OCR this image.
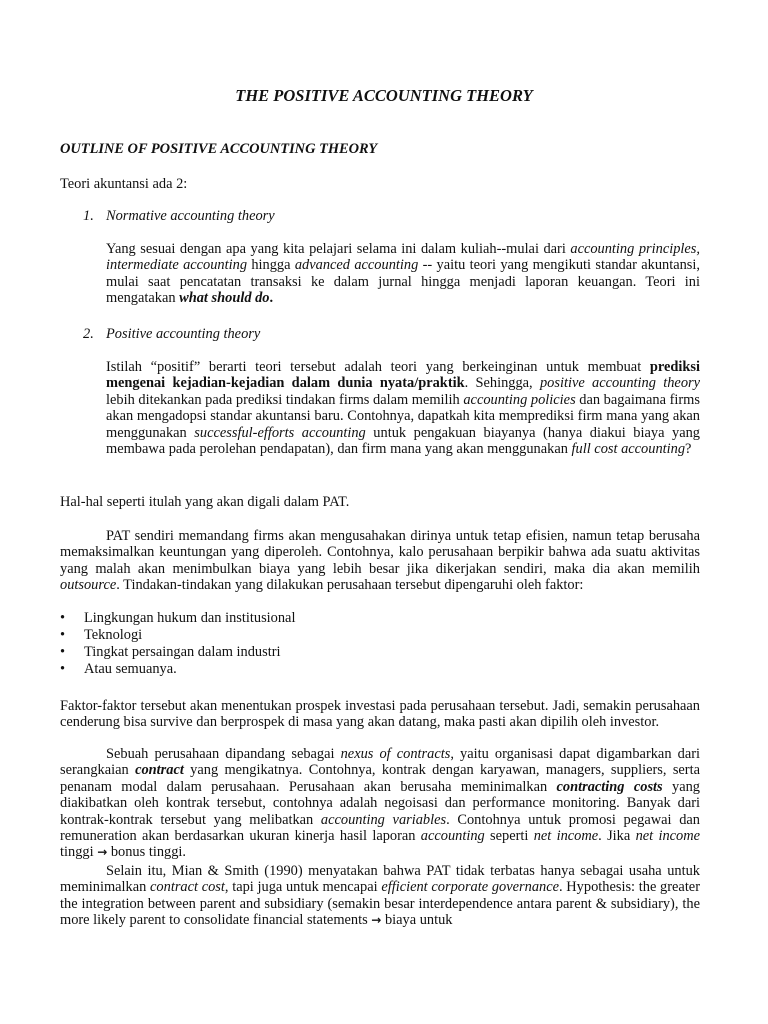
THE POSITIVE ACCOUNTING THEORY
OUTLINE OF POSITIVE ACCOUNTING THEORY
Teori akuntansi ada 2:
1. Normative accounting theory

Yang sesuai dengan apa yang kita pelajari selama ini dalam kuliah--mulai dari accounting principles, intermediate accounting hingga advanced accounting -- yaitu teori yang mengikuti standar akuntansi, mulai saat pencatatan transaksi ke dalam jurnal hingga menjadi laporan keuangan. Teori ini mengatakan what should do.

2. Positive accounting theory

Istilah “positif” berarti teori tersebut adalah teori yang berkeinginan untuk membuat prediksi mengenai kejadian-kejadian dalam dunia nyata/praktik. Sehingga, positive accounting theory lebih ditekankan pada prediksi tindakan firms dalam memilih accounting policies dan bagaimana firms akan mengadopsi standar akuntansi baru. Contohnya, dapatkah kita memprediksi firm mana yang akan menggunakan successful-efforts accounting untuk pengakuan biayanya (hanya diakui biaya yang membawa pada perolehan pendapatan), dan firm mana yang akan menggunakan full cost accounting?

Hal-hal seperti itulah yang akan digali dalam PAT.

PAT sendiri memandang firms akan mengusahakan dirinya untuk tetap efisien, namun tetap berusaha memaksimalkan keuntungan yang diperoleh. Contohnya, kalo perusahaan berpikir bahwa ada suatu aktivitas yang malah akan menimbulkan biaya yang lebih besar jika dikerjakan sendiri, maka dia akan memilih outsource. Tindakan-tindakan yang dilakukan perusahaan tersebut dipengaruhi oleh faktor:

• Lingkungan hukum dan institusional
• Teknologi
• Tingkat persaingan dalam industri
• Atau semuanya.

Faktor-faktor tersebut akan menentukan prospek investasi pada perusahaan tersebut. Jadi, semakin perusahaan cenderung bisa survive dan berprospek di masa yang akan datang, maka pasti akan dipilih oleh investor.

Sebuah perusahaan dipandang sebagai nexus of contracts, yaitu organisasi dapat digambarkan dari serangkaian contract yang mengikatnya. Contohnya, kontrak dengan karyawan, managers, suppliers, serta penanam modal dalam perusahaan. Perusahaan akan berusaha meminimalkan contracting costs yang diakibatkan oleh kontrak tersebut, contohnya adalah negoisasi dan performance monitoring. Banyak dari kontrak-kontrak tersebut yang melibatkan accounting variables. Contohnya untuk promosi pegawai dan remuneration akan berdasarkan ukuran kinerja hasil laporan accounting seperti net income. Jika net income tinggi → bonus tinggi.

Selain itu, Mian & Smith (1990) menyatakan bahwa PAT tidak terbatas hanya sebagai usaha untuk meminimalkan contract cost, tapi juga untuk mencapai efficient corporate governance. Hypothesis: the greater the integration between parent and subsidiary (semakin besar interdependence antara parent & subsidiary), the more likely parent to consolidate financial statements → biaya untuk
